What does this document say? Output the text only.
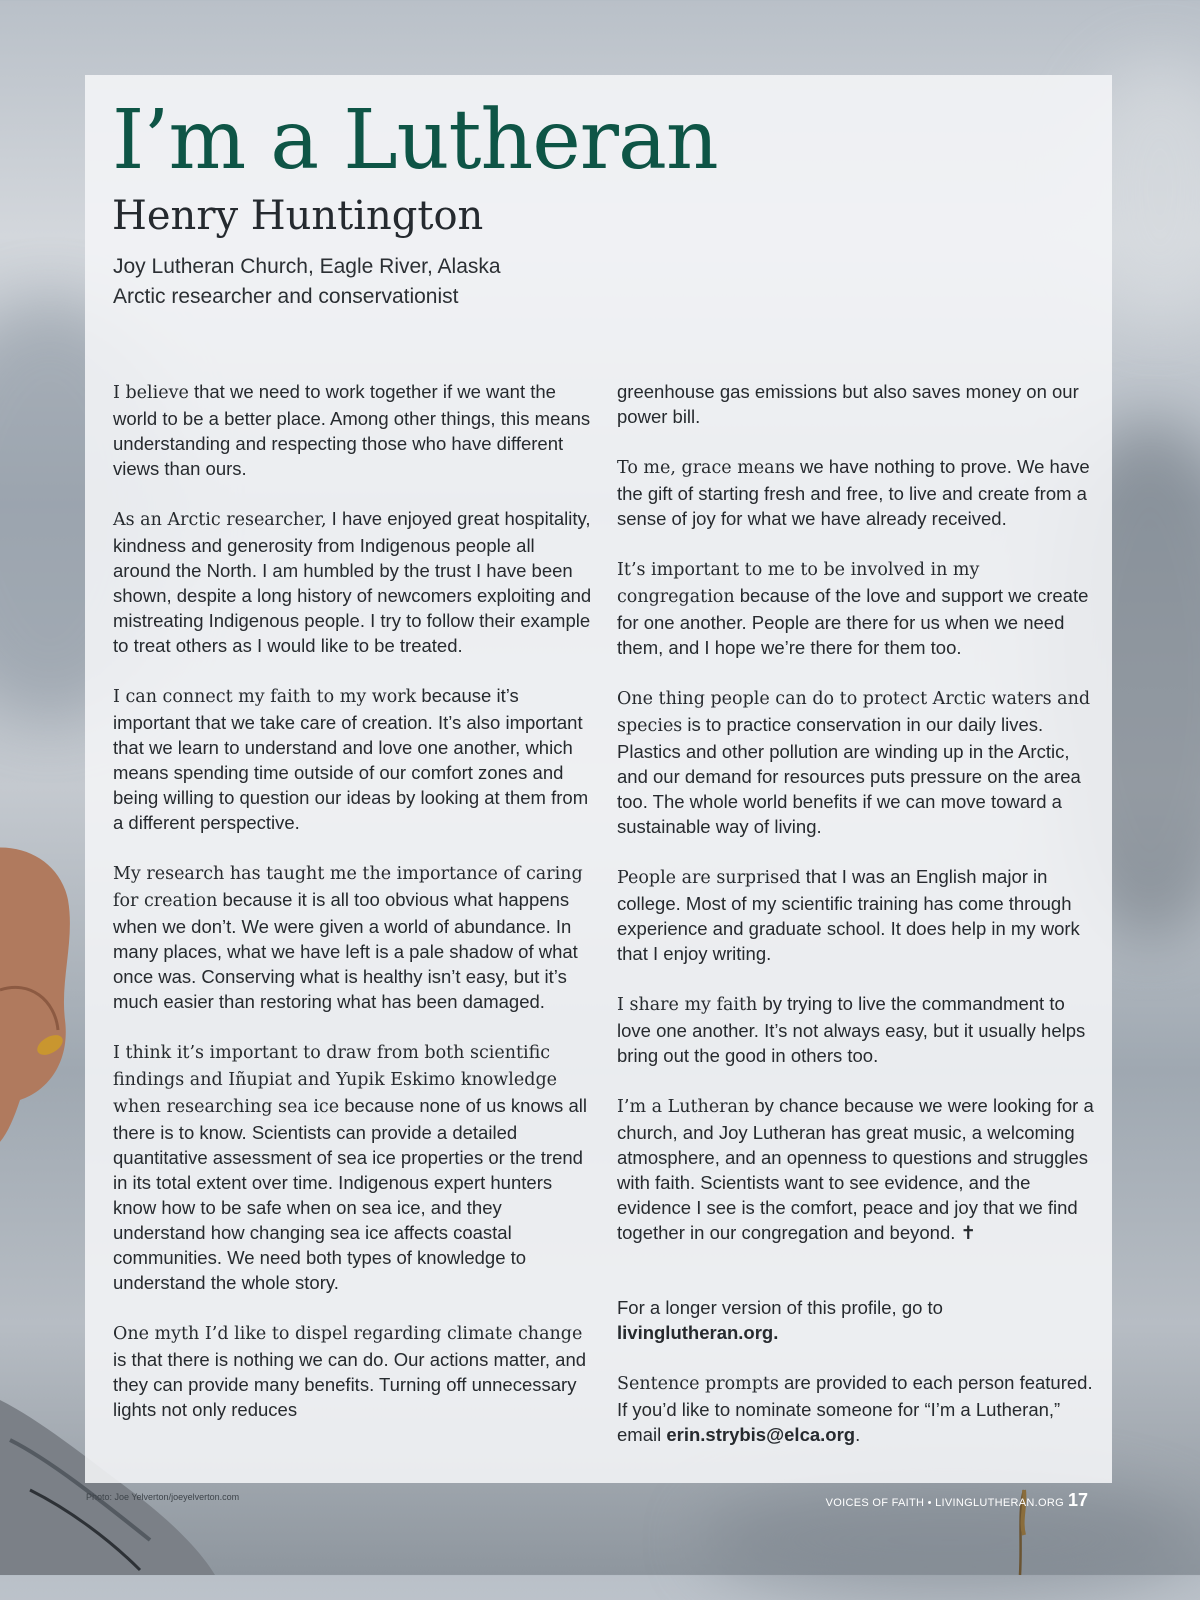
I’m a Lutheran
Henry Huntington
Joy Lutheran Church, Eagle River, Alaska
Arctic researcher and conservationist

I believe that we need to work together if we want the world to be a better place. Among other things, this means understanding and respecting those who have different views than ours.

As an Arctic researcher, I have enjoyed great hospitality, kindness and generosity from Indigenous people all around the North. I am humbled by the trust I have been shown, despite a long history of newcomers exploiting and mistreating Indigenous people. I try to follow their example to treat others as I would like to be treated.

I can connect my faith to my work because it’s important that we take care of creation. It’s also important that we learn to understand and love one another, which means spending time outside of our comfort zones and being willing to question our ideas by looking at them from a different perspective.

My research has taught me the importance of caring for creation because it is all too obvious what happens when we don’t. We were given a world of abundance. In many places, what we have left is a pale shadow of what once was. Conserving what is healthy isn’t easy, but it’s much easier than restoring what has been damaged.

I think it’s important to draw from both scientific findings and Iñupiat and Yupik Eskimo knowledge when researching sea ice because none of us knows all there is to know. Scientists can provide a detailed quantitative assessment of sea ice properties or the trend in its total extent over time. Indigenous expert hunters know how to be safe when on sea ice, and they understand how changing sea ice affects coastal communities. We need both types of knowledge to understand the whole story.

One myth I’d like to dispel regarding climate change is that there is nothing we can do. Our actions matter, and they can provide many benefits. Turning off unnecessary lights not only reduces

greenhouse gas emissions but also saves money on our power bill.

To me, grace means we have nothing to prove. We have the gift of starting fresh and free, to live and create from a sense of joy for what we have already received.

It’s important to me to be involved in my congregation because of the love and support we create for one another. People are there for us when we need them, and I hope we’re there for them too.

One thing people can do to protect Arctic waters and species is to practice conservation in our daily lives. Plastics and other pollution are winding up in the Arctic, and our demand for resources puts pressure on the area too. The whole world benefits if we can move toward a sustainable way of living.

People are surprised that I was an English major in college. Most of my scientific training has come through experience and graduate school. It does help in my work that I enjoy writing.

I share my faith by trying to live the commandment to love one another. It’s not always easy, but it usually helps bring out the good in others too.

I’m a Lutheran by chance because we were looking for a church, and Joy Lutheran has great music, a welcoming atmosphere, and an openness to questions and struggles with faith. Scientists want to see evidence, and the evidence I see is the comfort, peace and joy that we find together in our congregation and beyond. ✝

For a longer version of this profile, go to livinglutheran.org.

Sentence prompts are provided to each person featured. If you’d like to nominate someone for “I’m a Lutheran,” email erin.strybis@elca.org.

Photo: Joe Yelverton/joeyelverton.com	VOICES OF FAITH • LIVINGLUTHERAN.ORG 17
